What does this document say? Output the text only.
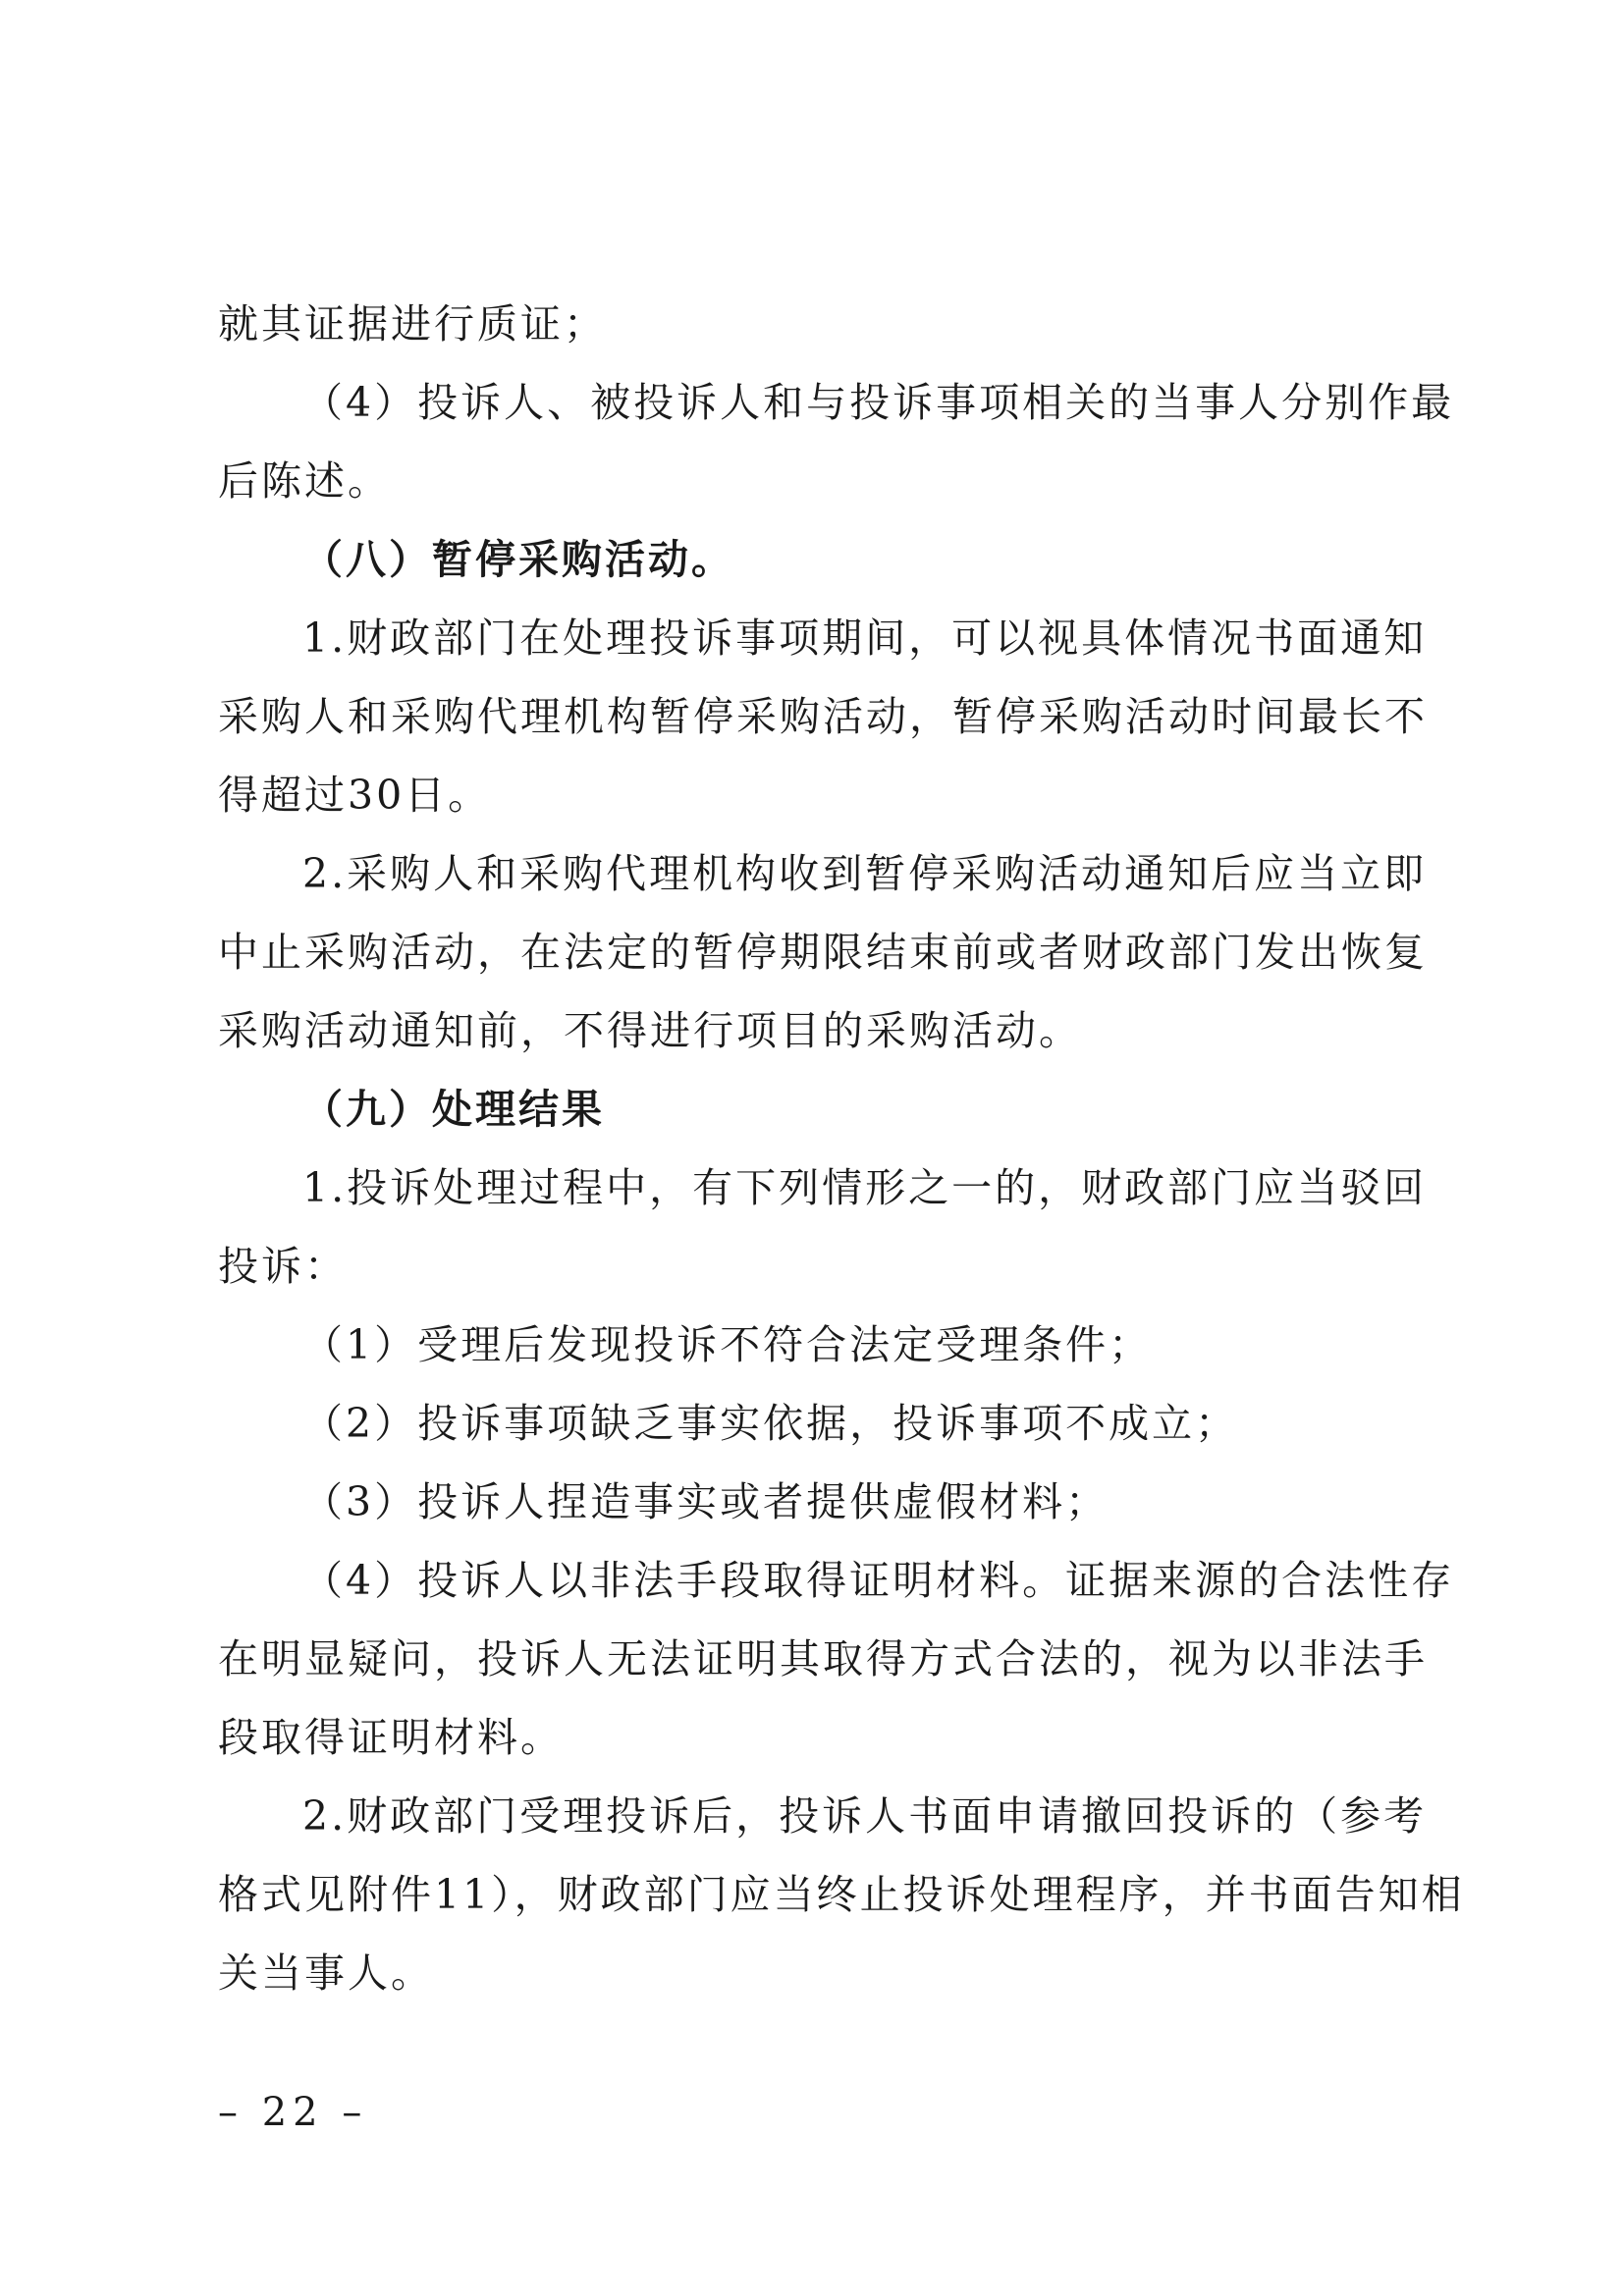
就其证据进行质证；
（4）投诉人、被投诉人和与投诉事项相关的当事人分别作最
后陈述。
（八）暂停采购活动。
1.财政部门在处理投诉事项期间，可以视具体情况书面通知
采购人和采购代理机构暂停采购活动，暂停采购活动时间最长不
得超过30日。
2.采购人和采购代理机构收到暂停采购活动通知后应当立即
中止采购活动，在法定的暂停期限结束前或者财政部门发出恢复
采购活动通知前，不得进行项目的采购活动。
（九）处理结果
1.投诉处理过程中，有下列情形之一的，财政部门应当驳回
投诉：
（1）受理后发现投诉不符合法定受理条件；
（2）投诉事项缺乏事实依据，投诉事项不成立；
（3）投诉人捏造事实或者提供虚假材料；
（4）投诉人以非法手段取得证明材料。证据来源的合法性存
在明显疑问，投诉人无法证明其取得方式合法的，视为以非法手
段取得证明材料。
2.财政部门受理投诉后，投诉人书面申请撤回投诉的（参考
格式见附件11），财政部门应当终止投诉处理程序，并书面告知相
关当事人。
– 22 –
